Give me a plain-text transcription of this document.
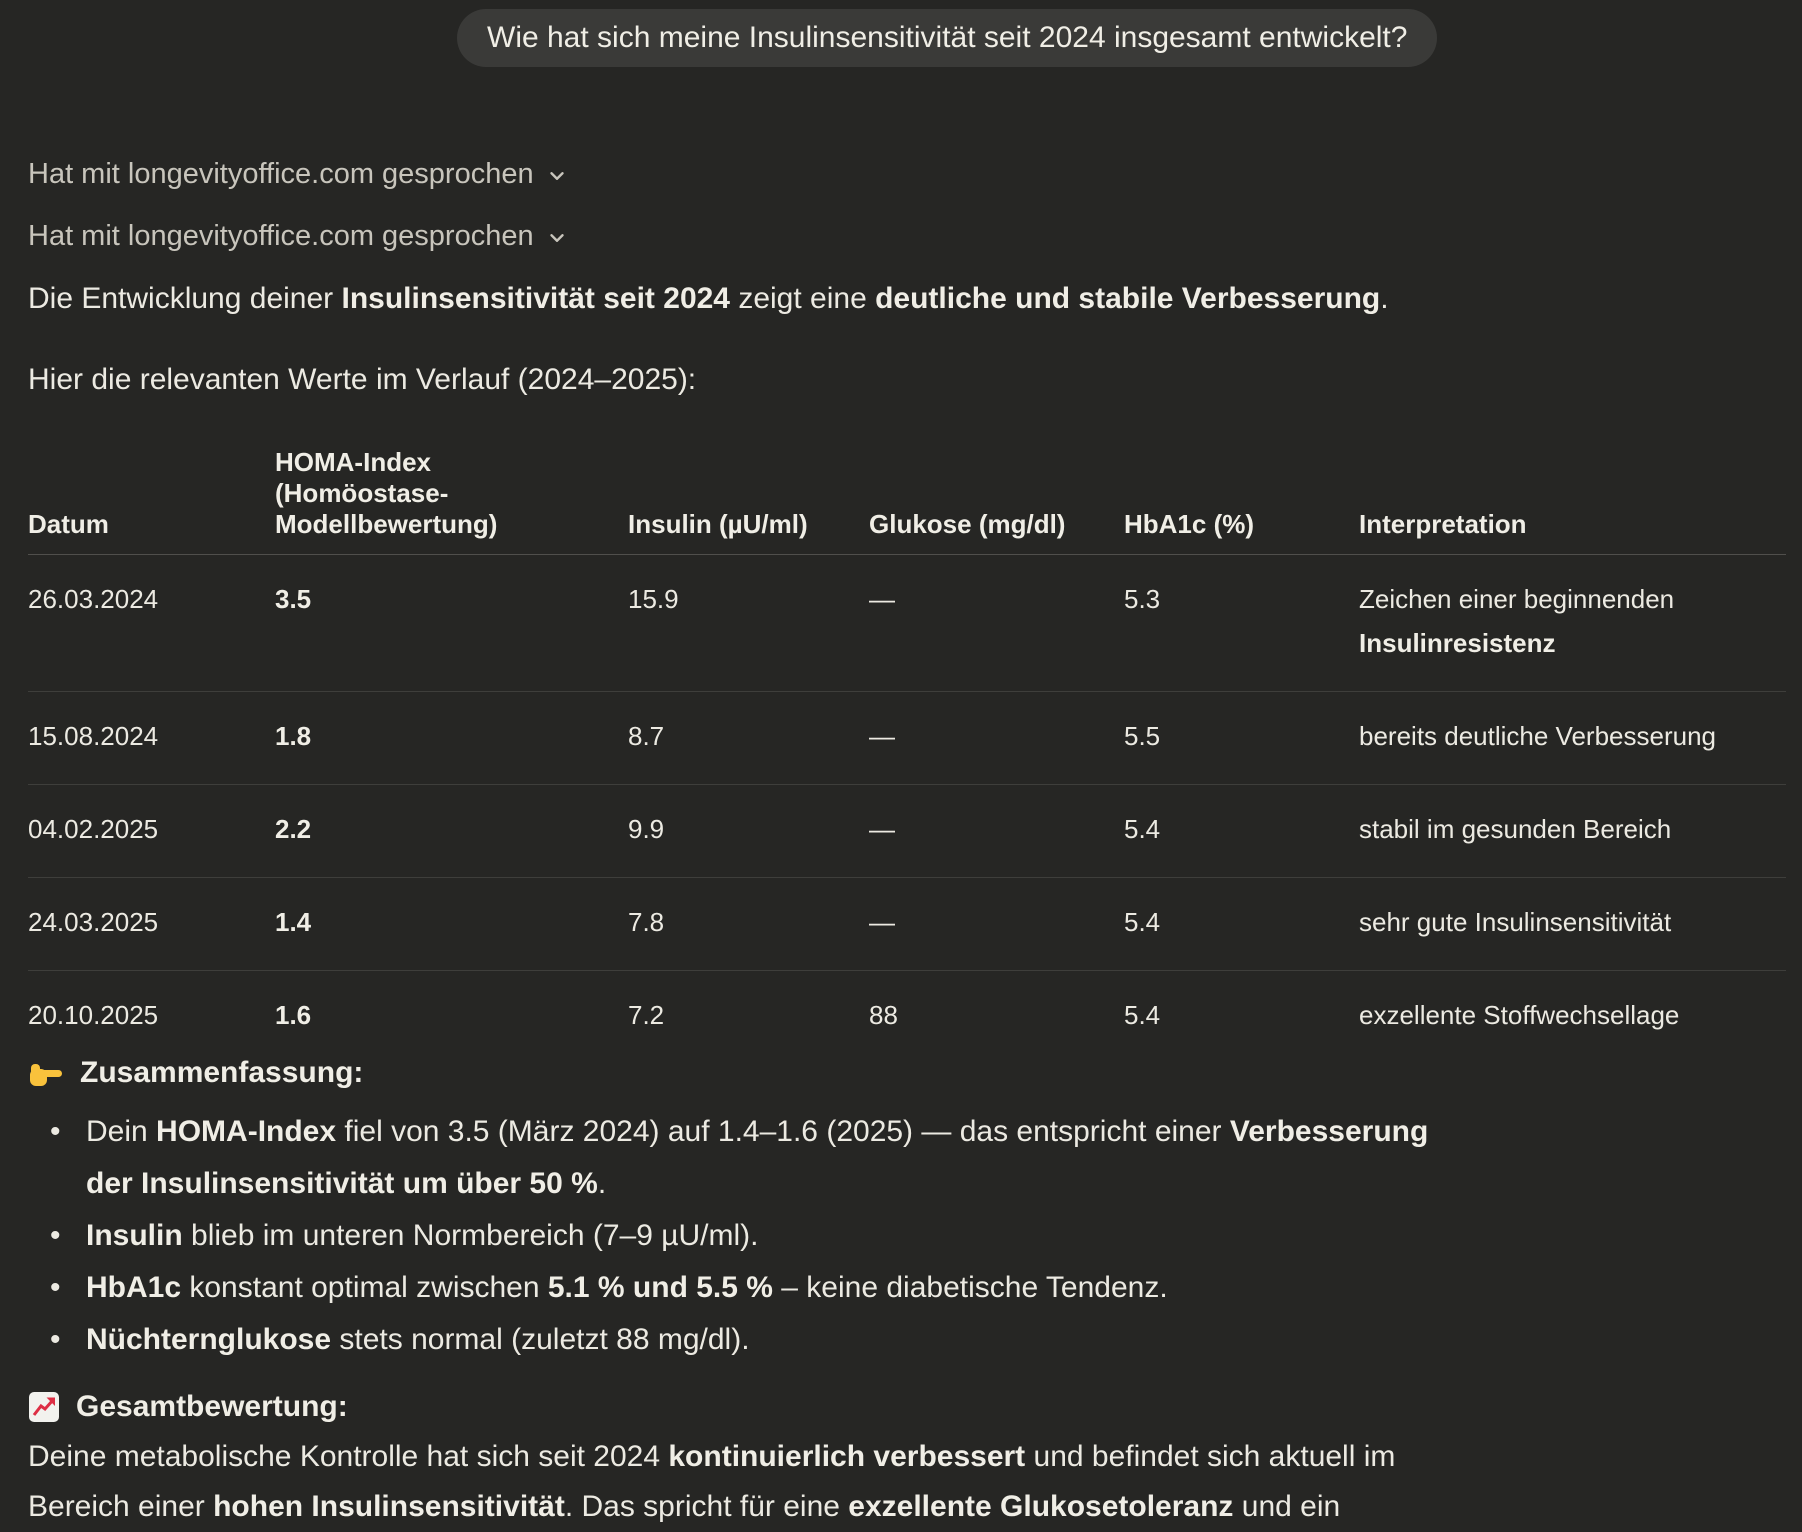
Wie hat sich meine Insulinsensitivität seit 2024 insgesamt entwickelt?
Hat mit longevityoffice.com gesprochen
Hat mit longevityoffice.com gesprochen
Die Entwicklung deiner Insulinsensitivität seit 2024 zeigt eine deutliche und stabile Verbesserung.
Hier die relevanten Werte im Verlauf (2024–2025):
Datum	HOMA-Index (Homöostase-Modellbewertung)	Insulin (µU/ml)	Glukose (mg/dl)	HbA1c (%)	Interpretation
26.03.2024	3.5	15.9	—	5.3	Zeichen einer beginnenden Insulinresistenz
15.08.2024	1.8	8.7	—	5.5	bereits deutliche Verbesserung
04.02.2025	2.2	9.9	—	5.4	stabil im gesunden Bereich
24.03.2025	1.4	7.8	—	5.4	sehr gute Insulinsensitivität
20.10.2025	1.6	7.2	88	5.4	exzellente Stoffwechsellage
Zusammenfassung:
• Dein HOMA-Index fiel von 3.5 (März 2024) auf 1.4–1.6 (2025) — das entspricht einer Verbesserung der Insulinsensitivität um über 50 %.
• Insulin blieb im unteren Normbereich (7–9 µU/ml).
• HbA1c konstant optimal zwischen 5.1 % und 5.5 % – keine diabetische Tendenz.
• Nüchternglukose stets normal (zuletzt 88 mg/dl).
Gesamtbewertung:
Deine metabolische Kontrolle hat sich seit 2024 kontinuierlich verbessert und befindet sich aktuell im Bereich einer hohen Insulinsensitivität. Das spricht für eine exzellente Glukosetoleranz und ein
